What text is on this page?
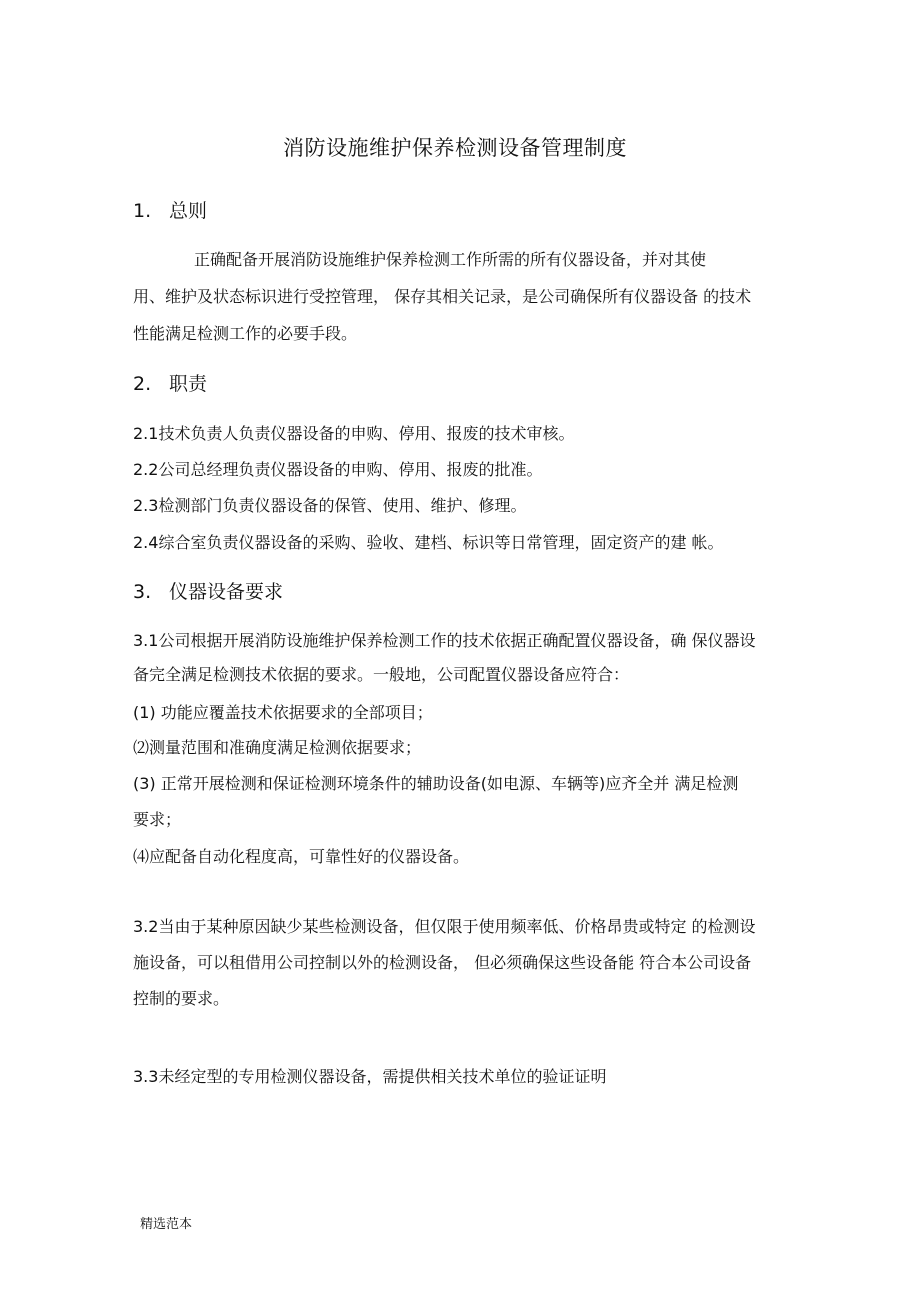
消防设施维护保养检测设备管理制度
1. 总则
正确配备开展消防设施维护保养检测工作所需的所有仪器设备，并对其使
用、维护及状态标识进行受控管理， 保存其相关记录，是公司确保所有仪器设备 的技术
性能满足检测工作的必要手段。
2. 职责
2.1技术负责人负责仪器设备的申购、停用、报废的技术审核。
2.2公司总经理负责仪器设备的申购、停用、报废的批准。
2.3检测部门负责仪器设备的保管、使用、维护、修理。
2.4综合室负责仪器设备的采购、验收、建档、标识等日常管理，固定资产的建 帐。
3. 仪器设备要求
3.1公司根据开展消防设施维护保养检测工作的技术依据正确配置仪器设备，确 保仪器设
备完全满足检测技术依据的要求。一般地，公司配置仪器设备应符合：
(1) 功能应覆盖技术依据要求的全部项目；
⑵测量范围和准确度满足检测依据要求；
(3) 正常开展检测和保证检测环境条件的辅助设备(如电源、车辆等)应齐全并 满足检测
要求；
⑷应配备自动化程度高，可靠性好的仪器设备。
3.2当由于某种原因缺少某些检测设备，但仅限于使用频率低、价格昂贵或特定 的检测设
施设备，可以租借用公司控制以外的检测设备， 但必须确保这些设备能 符合本公司设备
控制的要求。
3.3未经定型的专用检测仪器设备，需提供相关技术单位的验证证明
精选范本
